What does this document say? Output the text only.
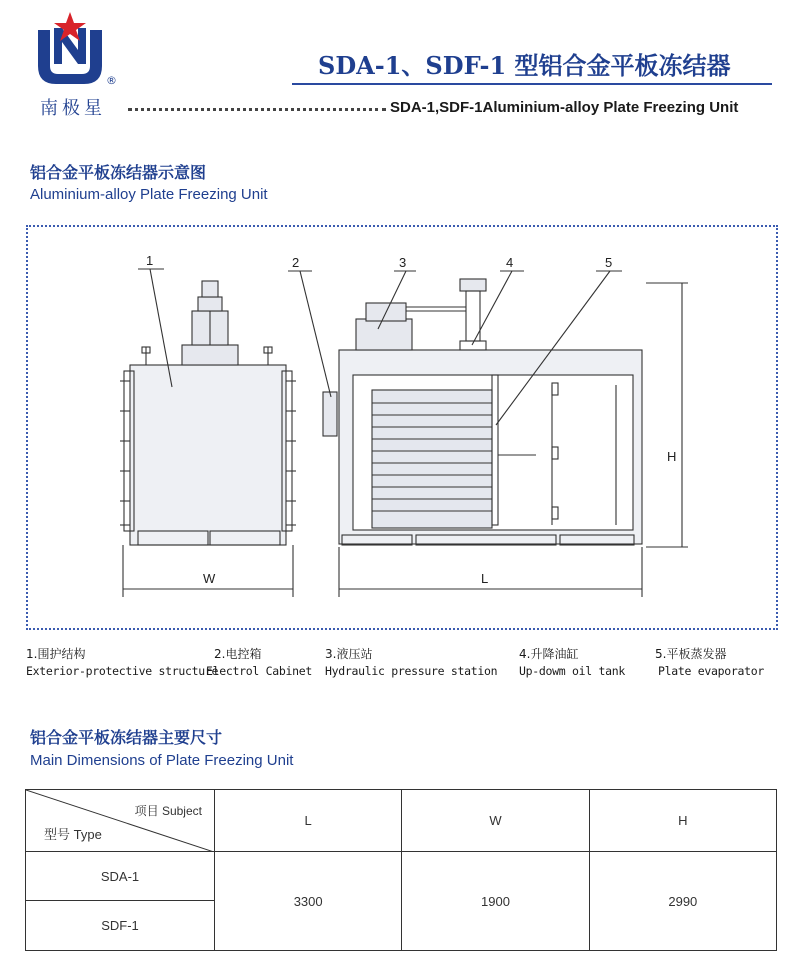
®
南极星
SDA-1、SDF-1 型铝合金平板冻结器
SDA-1,SDF-1Aluminium-alloy Plate Freezing Unit
铝合金平板冻结器示意图
Aluminium-alloy Plate Freezing Unit
1	2	3	4	5
W	L
H
1.围护结构
Exterior-protective structure
2.电控箱
Electrol Cabinet
3.液压站
Hydraulic pressure station
4.升降油缸
Up-dowm oil tank
5.平板蒸发器
Plate evaporator
铝合金平板冻结器主要尺寸
Main Dimensions of Plate Freezing Unit
项目 Subject
型号 Type	L	W	H
SDA-1	3300	1900	2990
SDF-1			
